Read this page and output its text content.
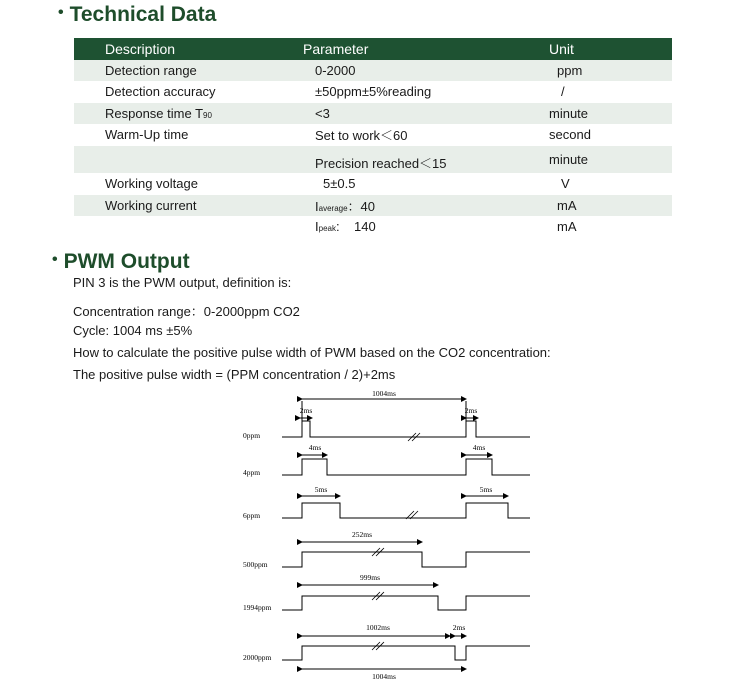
• Technical Data
Description	Parameter	Unit
Detection range	0-2000	ppm
Detection accuracy	±50ppm±5%reading	/
Response time T90	<3	minute
Warm-Up time	Set to work＜60	second
	Precision reached＜15	minute
Working voltage	5±0.5	V
Working current	Iaverage：40	mA
	Ipeak:    140	mA
• PWM Output
PIN 3 is the PWM output, definition is:
Concentration range：0-2000ppm CO2
Cycle: 1004 ms ±5%
How to calculate the positive pulse width of PWM based on the CO2 concentration:
The positive pulse width = (PPM concentration / 2)+2ms
1004ms
2ms	2ms
4ms	4ms
5ms	5ms
252ms
999ms
1002ms	2ms
1004ms
0ppm
4ppm
6ppm
500ppm
1994ppm
2000ppm
